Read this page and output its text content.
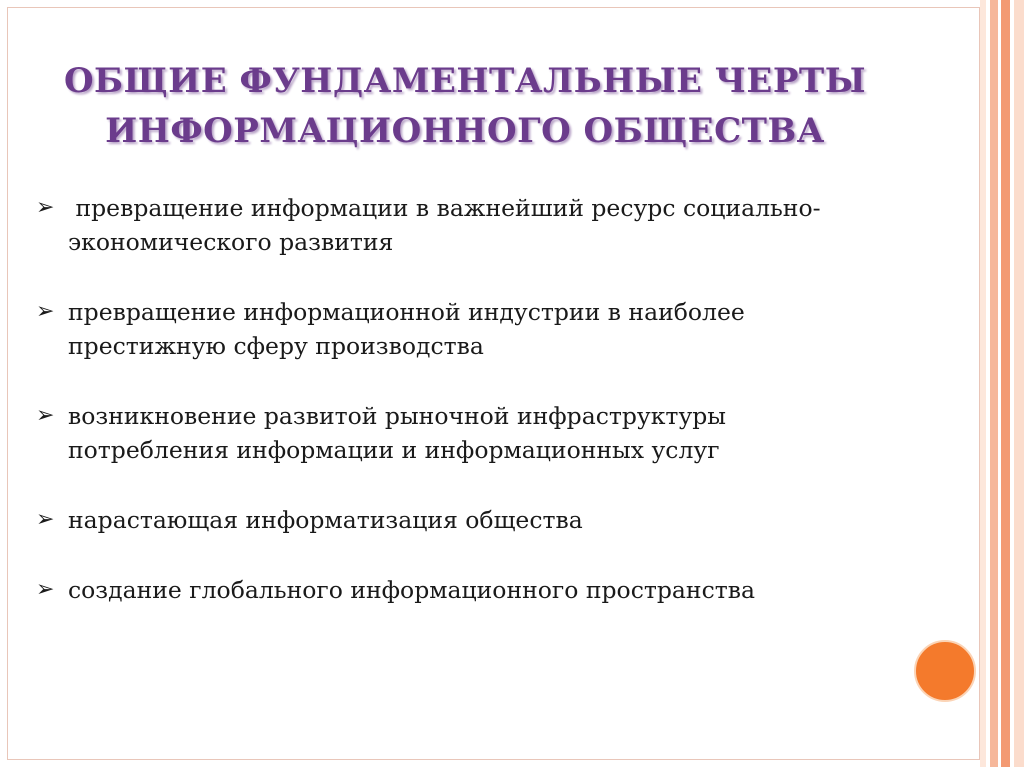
ОБЩИЕ ФУНДАМЕНТАЛЬНЫЕ ЧЕРТЫ
ИНФОРМАЦИОННОГО ОБЩЕСТВА
➢ превращение информации в важнейший ресурс социально-
экономического развития
➢ превращение информационной индустрии в наиболее
престижную сферу производства
➢ возникновение развитой рыночной инфраструктуры
потребления информации и информационных услуг
➢ нарастающая информатизация общества
➢ создание глобального информационного пространства
